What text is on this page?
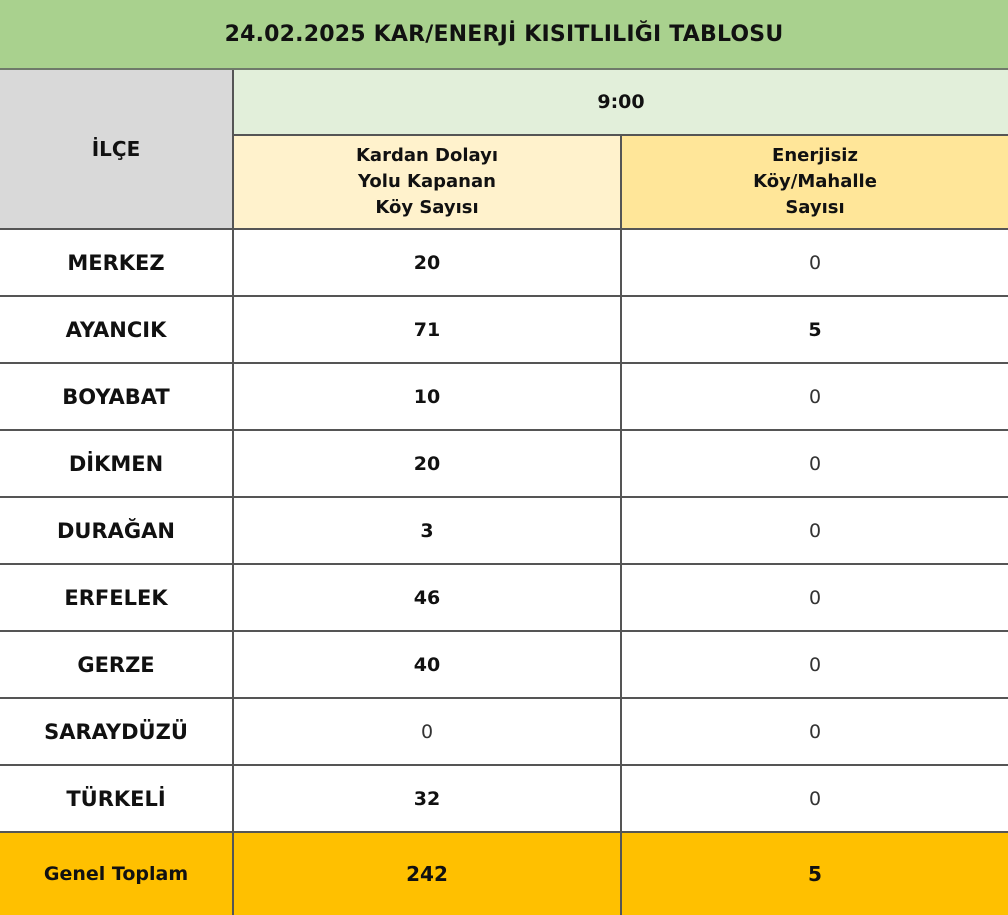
24.02.2025 KAR/ENERJİ KISITLILIĞI TABLOSU
İLÇE
9:00
Kardan Dolayı
Yolu Kapanan
Köy Sayısı
Enerjisiz
Köy/Mahalle
Sayısı
MERKEZ	20	0
AYANCIK	71	5
BOYABAT	10	0
DİKMEN	20	0
DURAĞAN	3	0
ERFELEK	46	0
GERZE	40	0
SARAYDÜZÜ	0	0
TÜRKELİ	32	0
Genel Toplam	242	5
